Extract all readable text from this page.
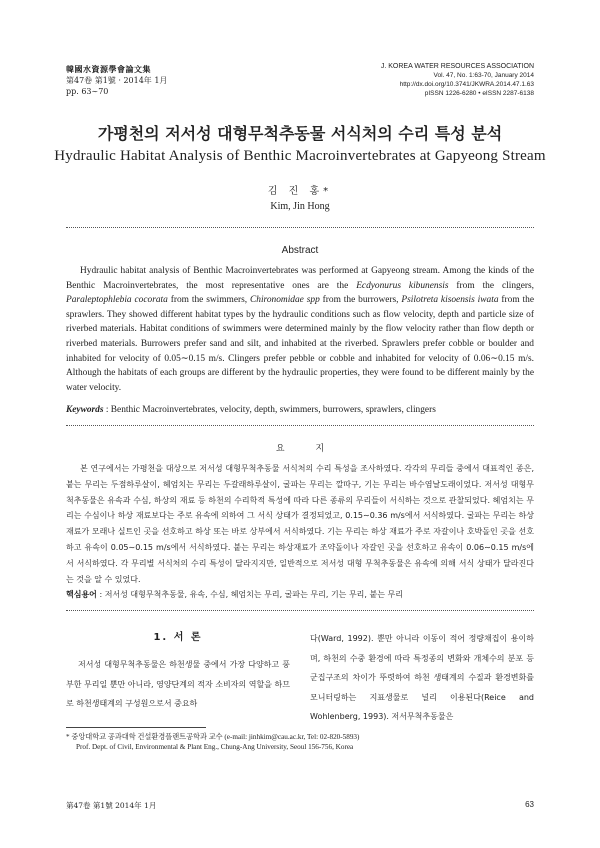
韓國水資源學會論文集
第47卷 第1號 · 2014年 1月
pp. 63∼70
J. KOREA WATER RESOURCES ASSOCIATION
Vol. 47, No. 1:63-70, January 2014
http://dx.doi.org/10.3741/JKWRA.2014.47.1.63
pISSN 1226-6280 • eISSN 2287-6138
가평천의 저서성 대형무척추동물 서식처의 수리 특성 분석
Hydraulic Habitat Analysis of Benthic Macroinvertebrates at Gapyeong Stream
김 진 홍*
Kim, Jin Hong
Abstract
Hydraulic habitat analysis of Benthic Macroinvertebrates was performed at Gapyeong stream. Among the kinds of the Benthic Macroinvertebrates, the most representative ones are the Ecdyonurus kibunensis from the clingers, Paraleptophlebia cocorata from the swimmers, Chironomidae spp from the burrowers, Psilotreta kisoensis iwata from the sprawlers. They showed different habitat types by the hydraulic conditions such as flow velocity, depth and particle size of riverbed materials. Habitat conditions of swimmers were determined mainly by the flow velocity rather than flow depth or riverbed materials. Burrowers prefer sand and silt, and inhabited at the riverbed. Sprawlers prefer cobble or boulder and inhabited for velocity of 0.05∼0.15 m/s. Clingers prefer pebble or cobble and inhabited for velocity of 0.06∼0.15 m/s. Although the habitats of each groups are different by the hydraulic properties, they were found to be different mainly by the water velocity.
Keywords : Benthic Macroinvertebrates, velocity, depth, swimmers, burrowers, sprawlers, clingers
요 지
본 연구에서는 가평천을 대상으로 저서성 대형무척추동물 서식처의 수리 특성을 조사하였다. 각각의 무리들 중에서 대표적인 종은, 붙는 무리는 두점하루살이, 헤엄치는 무리는 두갈래하루살이, 굴파는 무리는 깔따구, 기는 무리는 바수염날도래이었다. 저서성 대형무척추동물은 유속과 수심, 하상의 재료 등 하천의 수리학적 특성에 따라 다른 종류의 무리들이 서식하는 것으로 관찰되었다. 헤엄치는 무리는 수심이나 하상 재료보다는 주로 유속에 의하여 그 서식 상태가 결정되었고, 0.15∼0.36 m/s에서 서식하였다. 굴파는 무리는 하상 재료가 모래나 실트인 곳을 선호하고 하상 또는 바로 상부에서 서식하였다. 기는 무리는 하상 재료가 주로 자갈이나 호박돌인 곳을 선호하고 유속이 0.05∼0.15 m/s에서 서식하였다. 붙는 무리는 하상재료가 조약돌이나 자갈인 곳을 선호하고 유속이 0.06∼0.15 m/s에서 서식하였다. 각 무리별 서식처의 수리 특성이 달라지지만, 일반적으로 저서성 대형 무척추동물은 유속에 의해 서식 상태가 달라진다는 것을 알 수 있었다.
핵심용어 : 저서성 대형무척추동물, 유속, 수심, 헤엄치는 무리, 굴파는 무리, 기는 무리, 붙는 무리
1. 서 론
저서성 대형무척추동물은 하천생물 중에서 가장 다양하고 풍부한 무리일 뿐만 아니라, 영양단계의 적자 소비자의 역할을 하므로 하천생태계의 구성원으로서 중요하
다(Ward, 1992). 뿐만 아니라 이동이 적어 정량채집이 용이하며, 하천의 수중 환경에 따라 특정종의 변화와 개체수의 분포 등 군집구조의 차이가 뚜렷하여 하천 생태계의 수질과 환경변화를 모니터링하는 지표생물로 널리 이용된다(Reice and Wohlenberg, 1993). 저서무척추동물은
* 중앙대학교 공과대학 건설환경플랜트공학과 교수 (e-mail: jinhkim@cau.ac.kr, Tel: 02-820-5893)
Prof. Dept. of Civil, Environmental & Plant Eng., Chung-Ang University, Seoul 156-756, Korea
第47卷 第1號 2014年 1月	63
